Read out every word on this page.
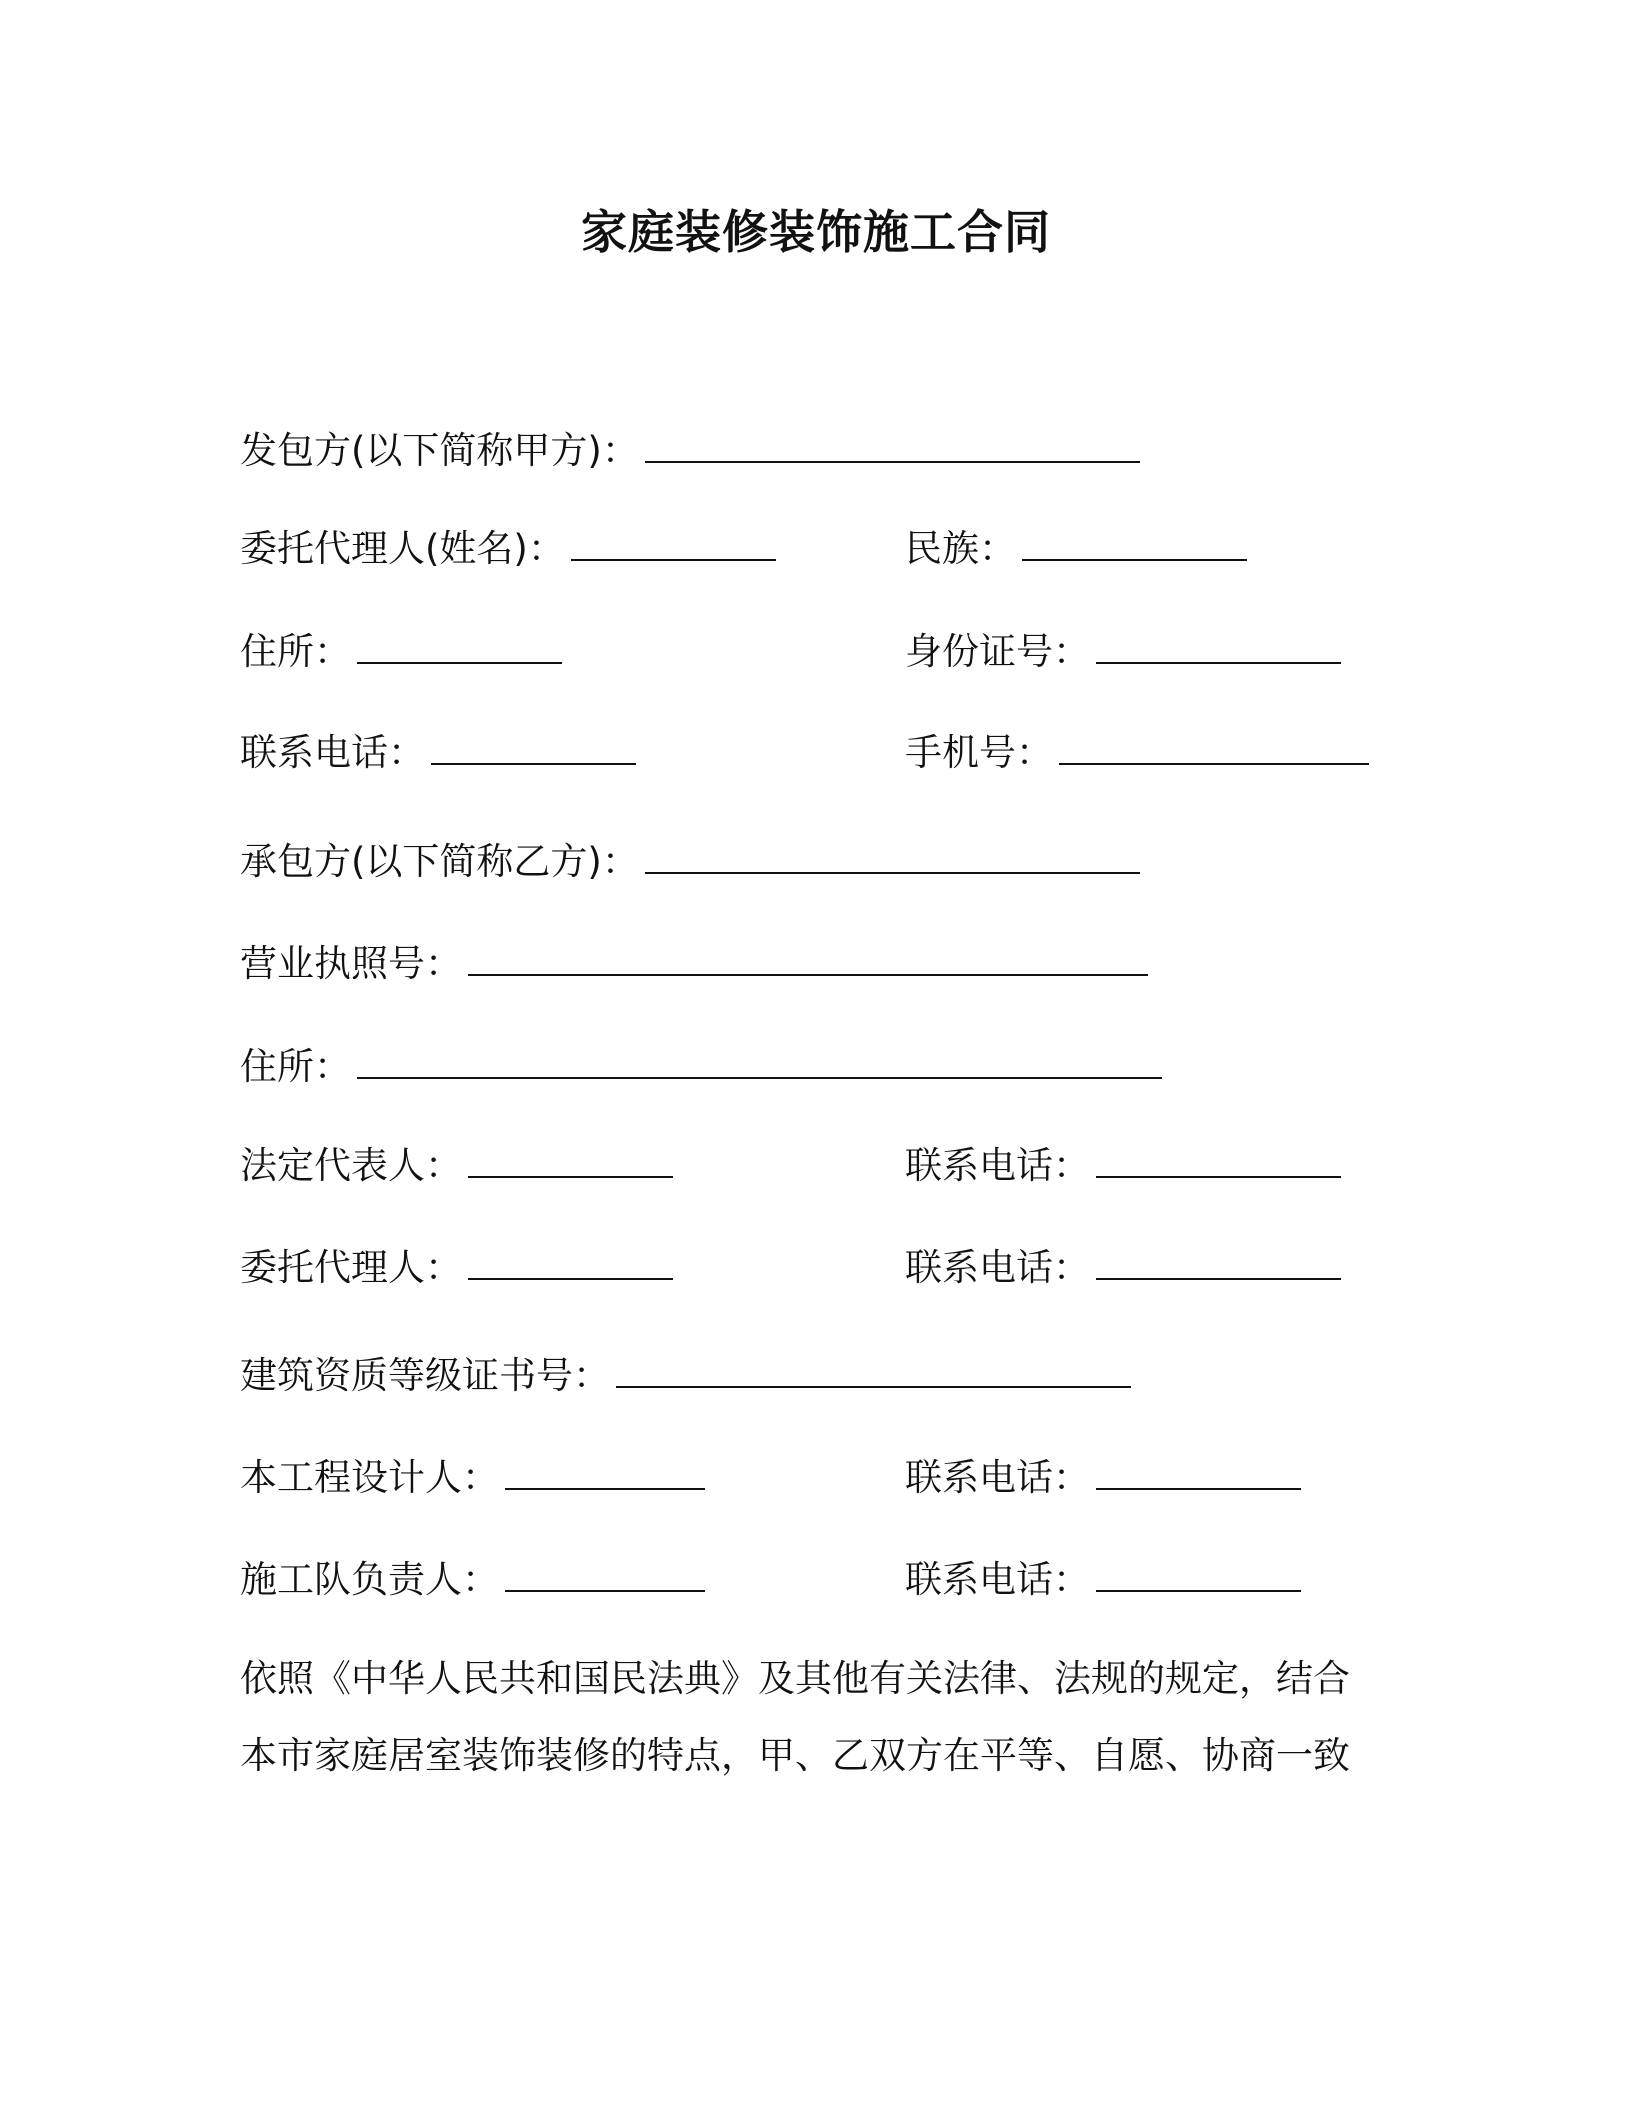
家庭装修装饰施工合同
发包方(以下简称甲方)：
委托代理人(姓名)：	民族：
住所：	身份证号：
联系电话：	手机号：
承包方(以下简称乙方)：
营业执照号：
住所：
法定代表人：	联系电话：
委托代理人：	联系电话：
建筑资质等级证书号：
本工程设计人：	联系电话：
施工队负责人：	联系电话：
依照《中华人民共和国民法典》及其他有关法律、法规的规定，结合
本市家庭居室装饰装修的特点，甲、乙双方在平等、自愿、协商一致
